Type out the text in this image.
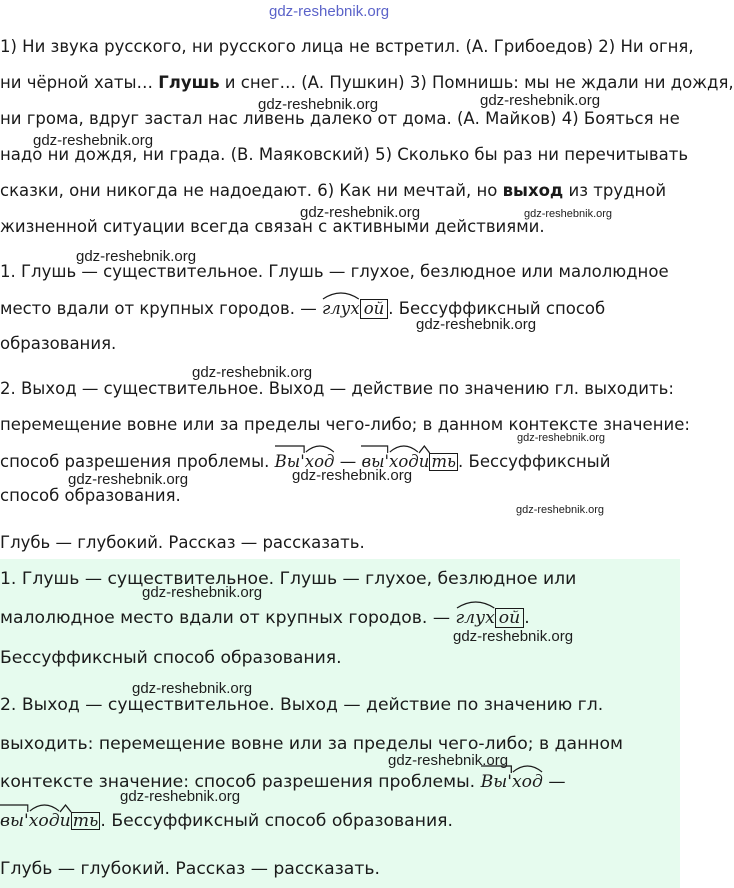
gdz-reshebnik.org
1) Ни звука русского, ни русского лица не встретил. (А. Грибоедов) 2) Ни огня,
ни чёрной хаты… Глушь и снег… (А. Пушкин) 3) Помнишь: мы не ждали ни дождя,
ни грома, вдруг застал нас ливень далеко от дома. (А. Майков) 4) Бояться не
надо ни дождя, ни града. (В. Маяковский) 5) Сколько бы раз ни перечитывать
сказки, они никогда не надоедают. 6) Как ни мечтай, но выход из трудной
жизненной ситуации всегда связан с активными действиями.
1. Глушь — существительное. Глушь — глухое, безлюдное или малолюдное
место вдали от крупных городов. —
глух ой . Бессуффиксный способ
образования.
2. Выход — существительное. Выход — действие по значению гл. выходить:
перемещение вовне или за пределы чего-либо; в данном контексте значение:
способ разрешения проблемы.
Вы'
ход —
вы'
ход
и ть . Бессуффиксный
способ образования.
Глубь — глубокий. Рассказ — рассказать.
1. Глушь — существительное. Глушь — глухое, безлюдное или
малолюдное место вдали от крупных городов. —
глух ой .
Бессуффиксный способ образования.
2. Выход — существительное. Выход — действие по значению гл.
выходить: перемещение вовне или за пределы чего-либо; в данном
контексте значение: способ разрешения проблемы.
Вы'
ход —
вы'
ход
и ть . Бессуффиксный способ образования.
Глубь — глубокий. Рассказ — рассказать.
gdz-reshebnik.org	gdz-reshebnik.org
gdz-reshebnik.org
gdz-reshebnik.org	gdz-reshebnik.org
gdz-reshebnik.org
gdz-reshebnik.org
gdz-reshebnik.org
gdz-reshebnik.org
gdz-reshebnik.org	gdz-reshebnik.org
gdz-reshebnik.org
gdz-reshebnik.org
gdz-reshebnik.org
gdz-reshebnik.org
gdz-reshebnik.org
gdz-reshebnik.org
